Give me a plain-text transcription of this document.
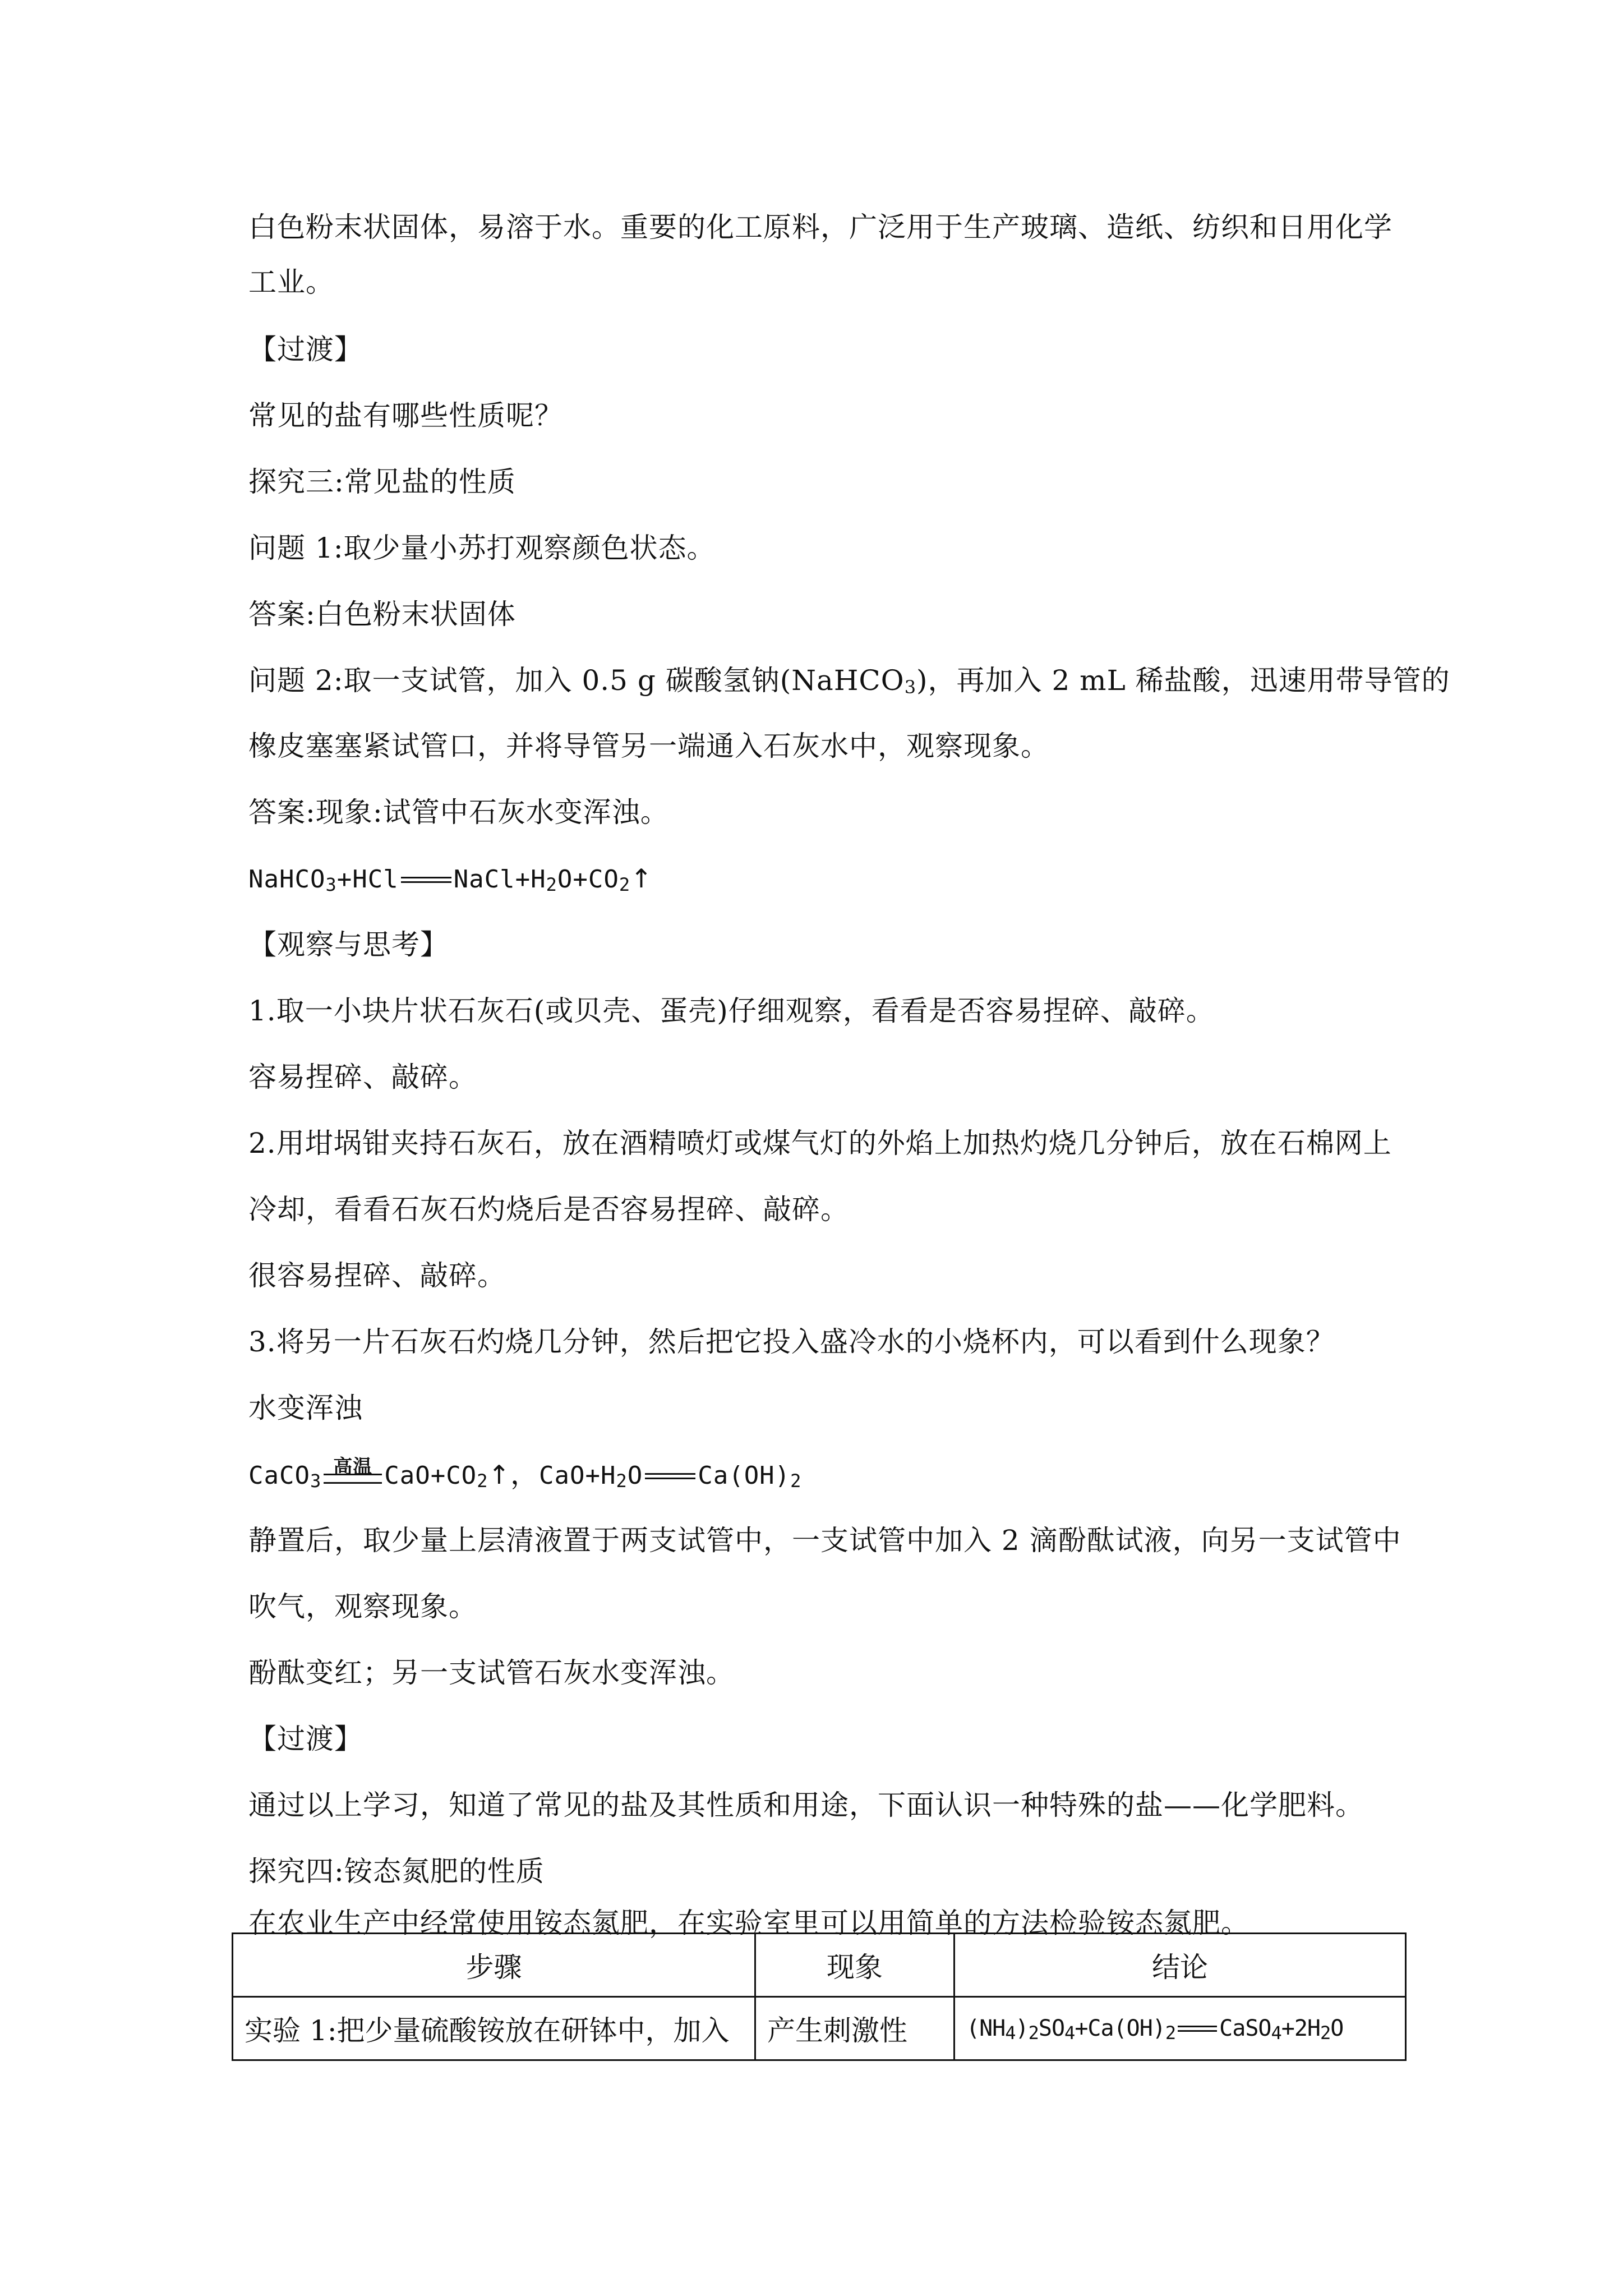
白色粉末状固体，易溶于水。重要的化工原料，广泛用于生产玻璃、造纸、纺织和日用化学
工业。
【过渡】
常见的盐有哪些性质呢？
探究三:常见盐的性质
问题 1:取少量小苏打观察颜色状态。
答案:白色粉末状固体
问题 2:取一支试管，加入 0.5 g 碳酸氢钠(NaHCO$_3$)，再加入 2 mL 稀盐酸，迅速用带导管的
橡皮塞塞紧试管口，并将导管另一端通入石灰水中，观察现象。
答案:现象:试管中石灰水变浑浊。
NaHCO$_3$+HCl $NaCl+H_2O+CO_2↑$
【观察与思考】
1.取一小块片状石灰石(或贝壳、蛋壳)仔细观察，看看是否容易捏碎、敲碎。
容易捏碎、敲碎。
2.用坩埚钳夹持石灰石，放在酒精喷灯或煤气灯的外焰上加热灼烧几分钟后，放在石棉网上
冷却，看看石灰石灼烧后是否容易捏碎、敲碎。
很容易捏碎、敲碎。
3.将另一片石灰石灼烧几分钟，然后把它投入盛冷水的小烧杯内，可以看到什么现象？
水变浑浊
CaCO$_3$
高温 $CaO+CO_2↑$，$CaO+H_2O$ $Ca(OH)_2$
静置后，取少量上层清液置于两支试管中，一支试管中加入 2 滴酚酞试液，向另一支试管中
吹气，观察现象。
酚酞变红；另一支试管石灰水变浑浊。
【过渡】
通过以上学习，知道了常见的盐及其性质和用途，下面认识一种特殊的盐——化学肥料。
探究四:铵态氮肥的性质
在农业生产中经常使用铵态氮肥，在实验室里可以用简单的方法检验铵态氮肥。
步骤	现象	结论
实验 1:把少量硫酸铵放在研钵中，加入	产生刺激性	$(NH_4)_2SO_4+Ca(OH)_2$ $CaSO_4+2H_2O$
